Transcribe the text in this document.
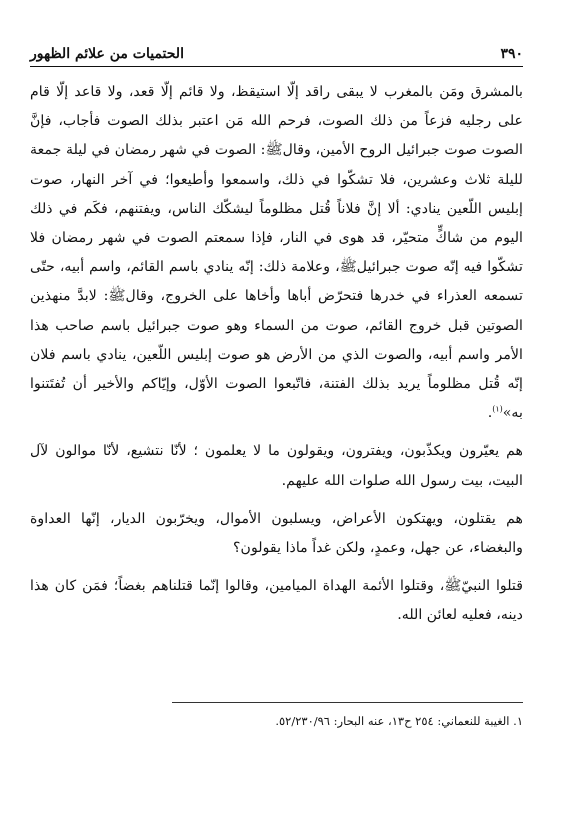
٣٩٠
الحتميات من علائم الظهور

بالمشرق ومَن بالمغرب لا يبقى راقد إلّا استيقظ، ولا قائم إلّا قعد، ولا قاعد إلّا قام على رجليه فزعاً من ذلك الصوت، فرحم الله مَن اعتبر بذلك الصوت فأجاب، فإنَّ الصوت صوت جبرائيل الروح الأمين، وقالﷺ: الصوت في شهر رمضان في ليلة جمعة لليلة ثلاث وعشرين، فلا تشكّوا في ذلك، واسمعوا وأطيعوا؛ في آخر النهار، صوت إبليس اللّعين ينادي: ألا إنَّ فلاناً قُتل مظلوماً ليشكّك الناس، ويفتنهم، فكَم في ذلك اليوم من شاكٍّ متحيّر، قد هوى في النار، فإذا سمعتم الصوت في شهر رمضان فلا تشكّوا فيه إنّه صوت جبرائيلﷺ، وعلامة ذلك: إنّه ينادي باسم القائم، واسم أبيه، حتّى تسمعه العذراء في خدرها فتحرّض أباها وأخاها على الخروج، وقالﷺ: لابدَّ منهذين الصوتين قبل خروج القائم، صوت من السماء وهو صوت جبرائيل باسم صاحب هذا الأمر واسم أبيه، والصوت الذي من الأرض هو صوت إبليس اللّعين، ينادي باسم فلان إنّه قُتل مظلوماً يريد بذلك الفتنة، فاتّبعوا الصوت الأوّل، وإيّاكم والأخير أن تُفتَتنوا به»$^{(١)}$.

هم يعيّرون ويكذّبون، ويفترون، ويقولون ما لا يعلمون ؛ لأنّا نتشيع، لأنّا موالون لآل البيت، بيت رسول الله صلوات الله عليهم.

هم يقتلون، ويهتكون الأعراض، ويسلبون الأموال، ويخرّبون الديار، إنّها العداوة والبغضاء، عن جهل، وعمدٍ، ولكن غداً ماذا يقولون؟

قتلوا النبيّﷺ، وقتلوا الأئمة الهداة الميامين، وقالوا إنّما قتلناهم بغضاً؛ فمَن كان هذا دينه، فعليه لعائن الله.

١. الغيبة للنعماني: ٢٥٤ ح١٣، عنه البحار: ٥٢/٢٣٠/٩٦.
